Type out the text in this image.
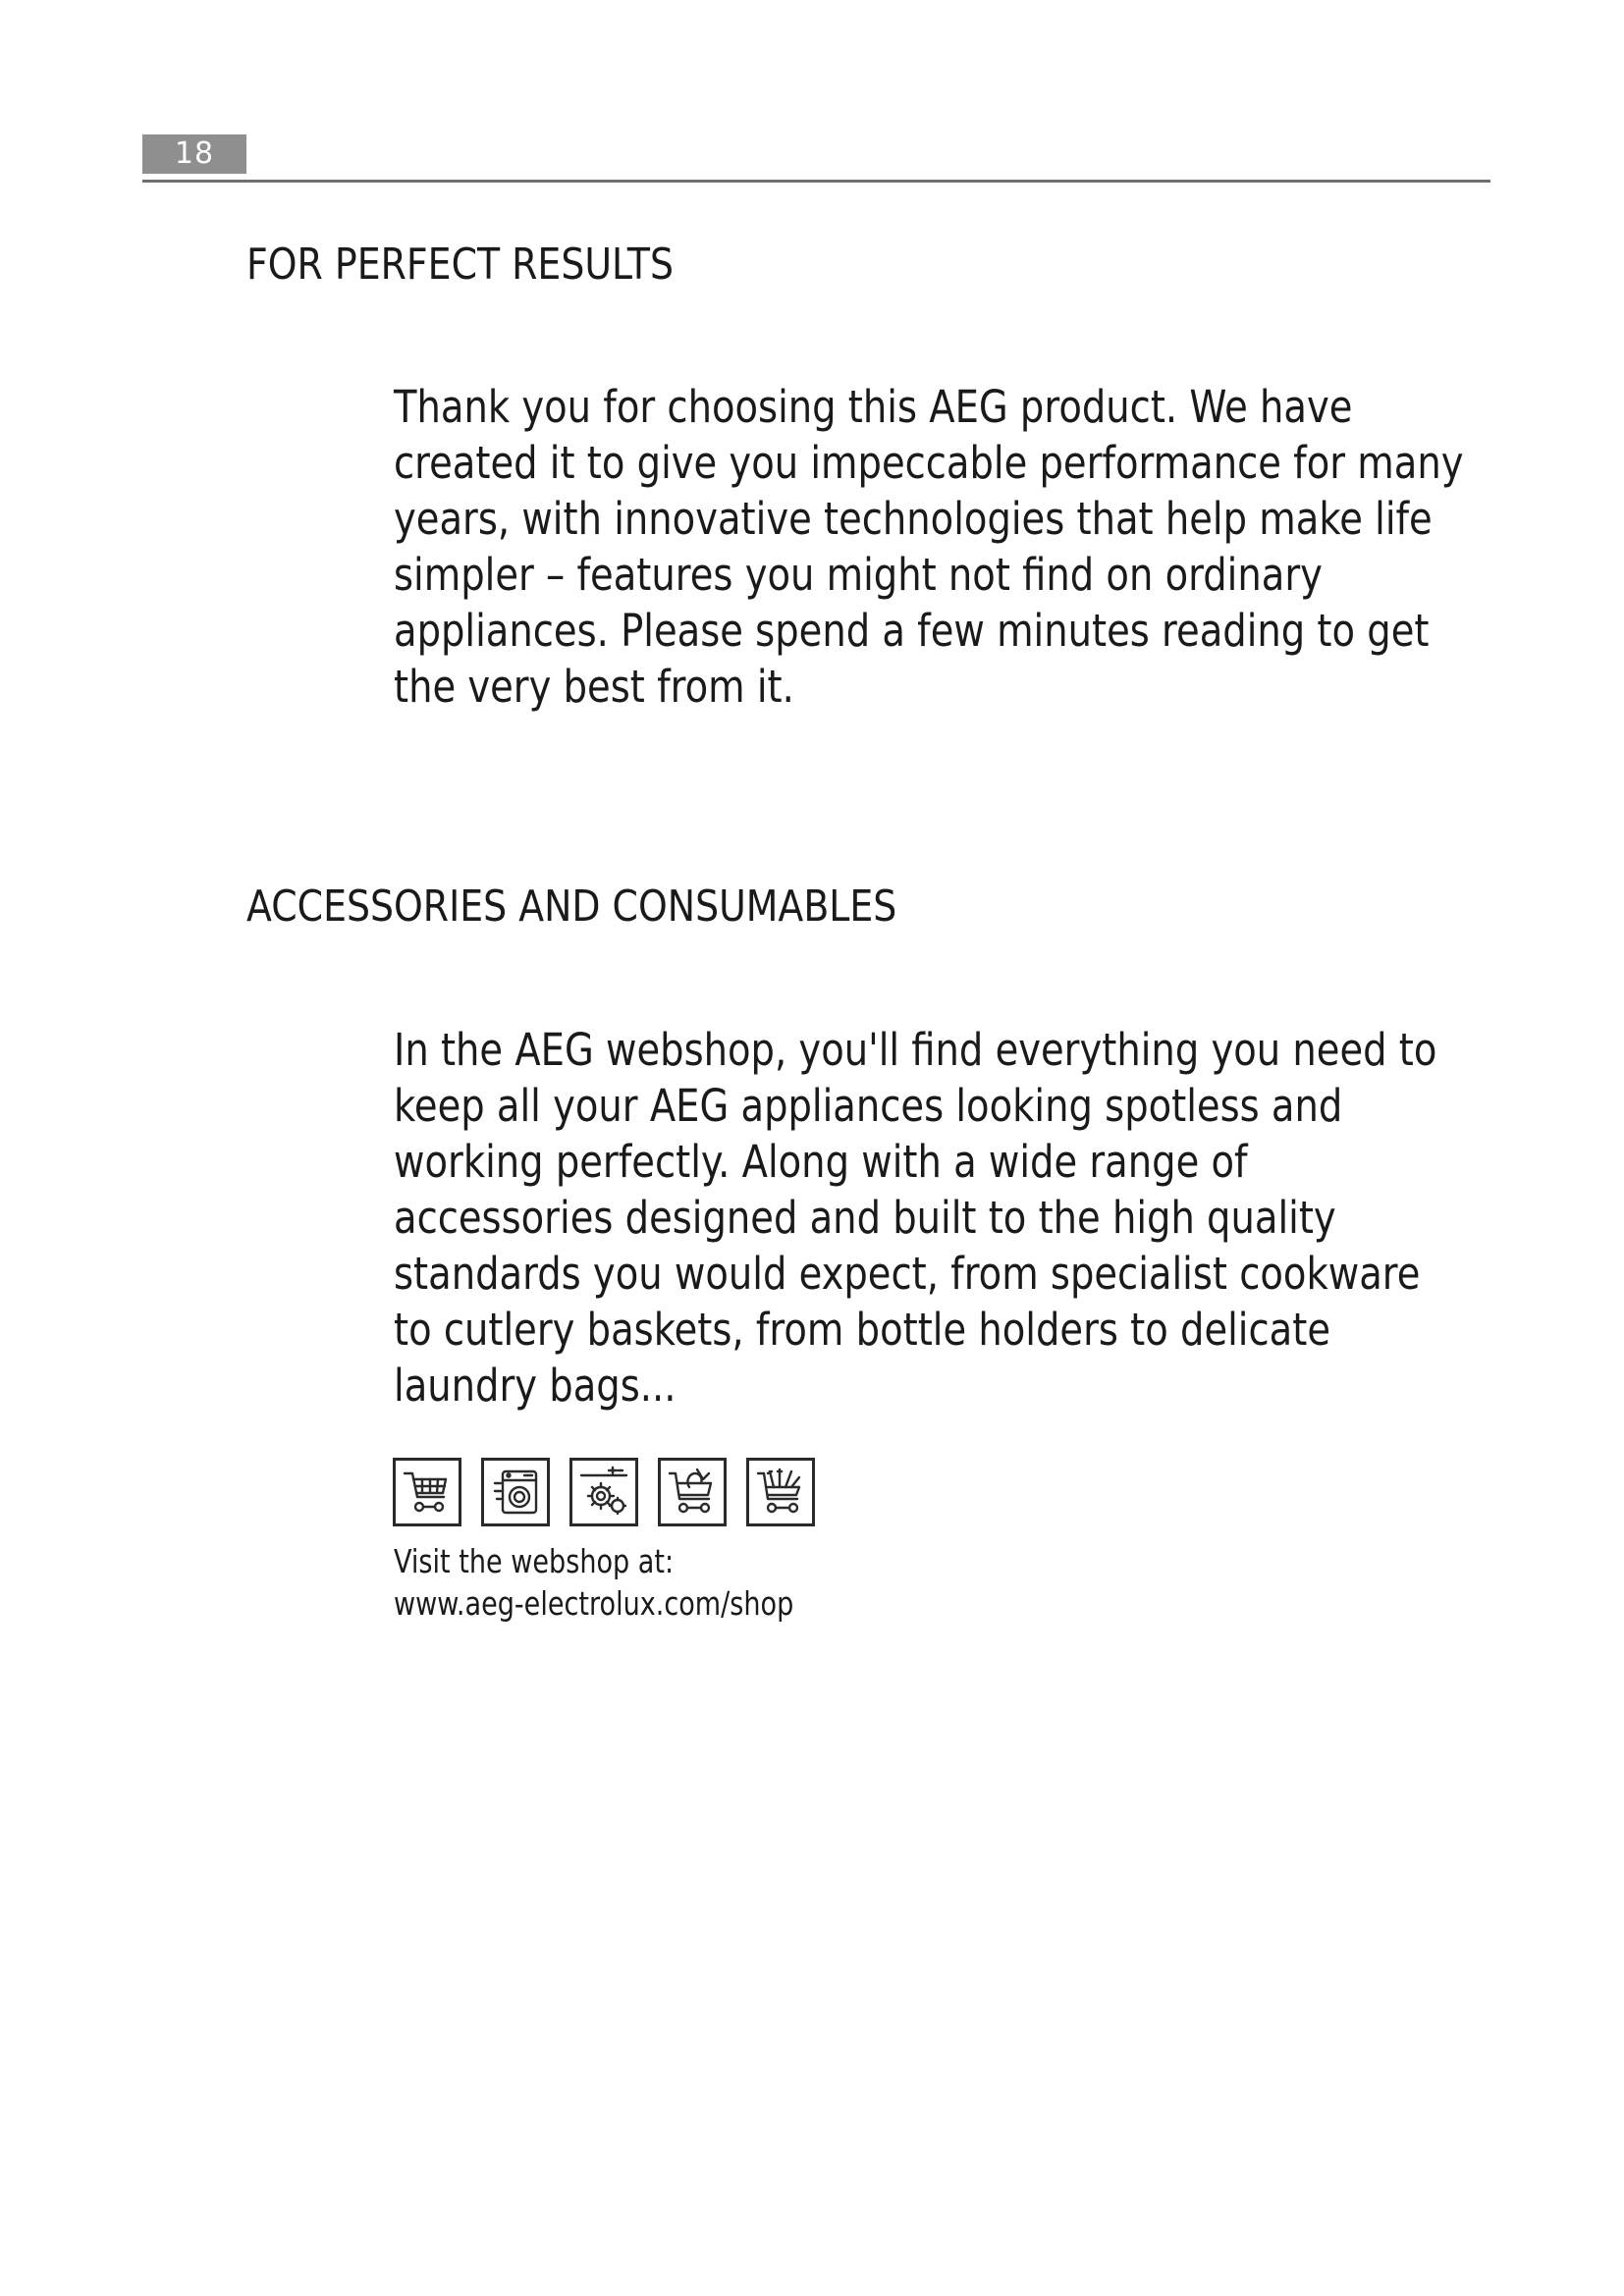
18
FOR PERFECT RESULTS
Thank you for choosing this AEG product. We have
created it to give you impeccable performance for many
years, with innovative technologies that help make life
simpler – features you might not find on ordinary
appliances. Please spend a few minutes reading to get
the very best from it.
ACCESSORIES AND CONSUMABLES
In the AEG webshop, you'll find everything you need to
keep all your AEG appliances looking spotless and
working perfectly. Along with a wide range of
accessories designed and built to the high quality
standards you would expect, from specialist cookware
to cutlery baskets, from bottle holders to delicate
laundry bags...
Visit the webshop at:
www.aeg-electrolux.com/shop
